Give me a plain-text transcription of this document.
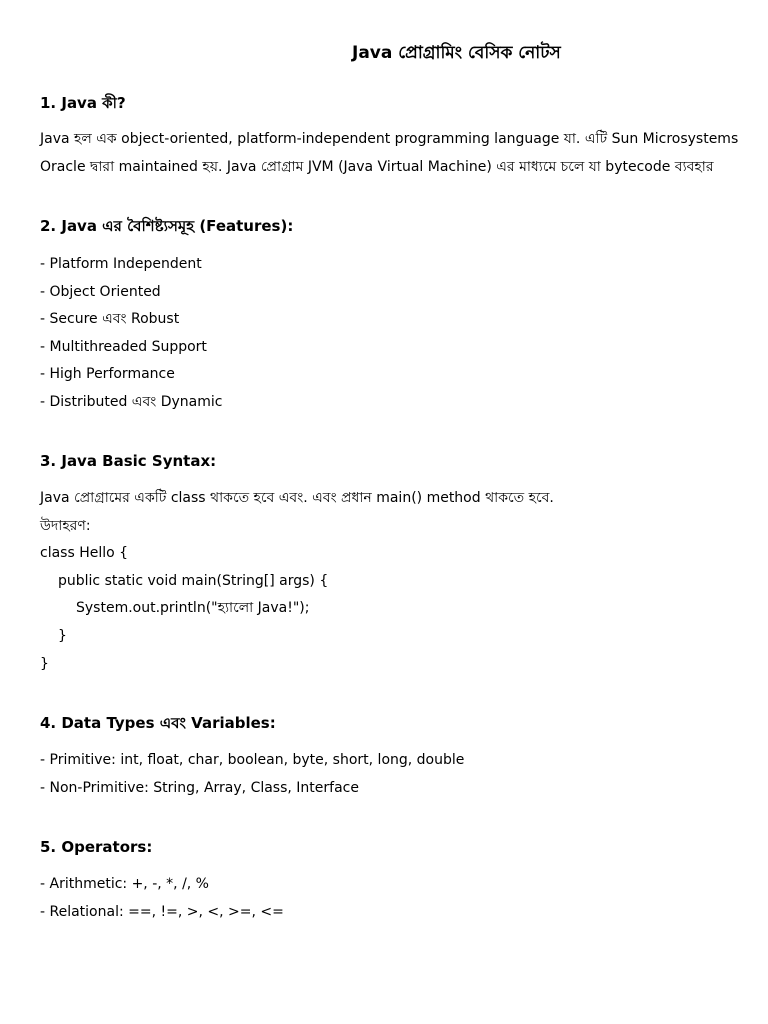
Java প্রোগ্রামিং বেসিক নোটস
1. Java কী?

Java হল এক object-oriented, platform-independent programming language যা. এটি Sun Microsystems

Oracle দ্বারা maintained হয়. Java প্রোগ্রাম JVM (Java Virtual Machine) এর মাধ্যমে চলে যা bytecode ব্যবহার

2. Java এর বৈশিষ্ট্যসমূহ (Features):

- Platform Independent

- Object Oriented

- Secure এবং Robust

- Multithreaded Support

- High Performance

- Distributed এবং Dynamic

3. Java Basic Syntax:

Java প্রোগ্রামের একটি class থাকতে হবে এবং. এবং প্রধান main() method থাকতে হবে.

উদাহরণ:

class Hello {

public static void main(String[] args) {

System.out.println("হ্যালো Java!");

}

}

4. Data Types এবং Variables:

- Primitive: int, float, char, boolean, byte, short, long, double

- Non-Primitive: String, Array, Class, Interface

5. Operators:

- Arithmetic: +, -, *, /, %

- Relational: ==, !=, >, <, >=, <=
